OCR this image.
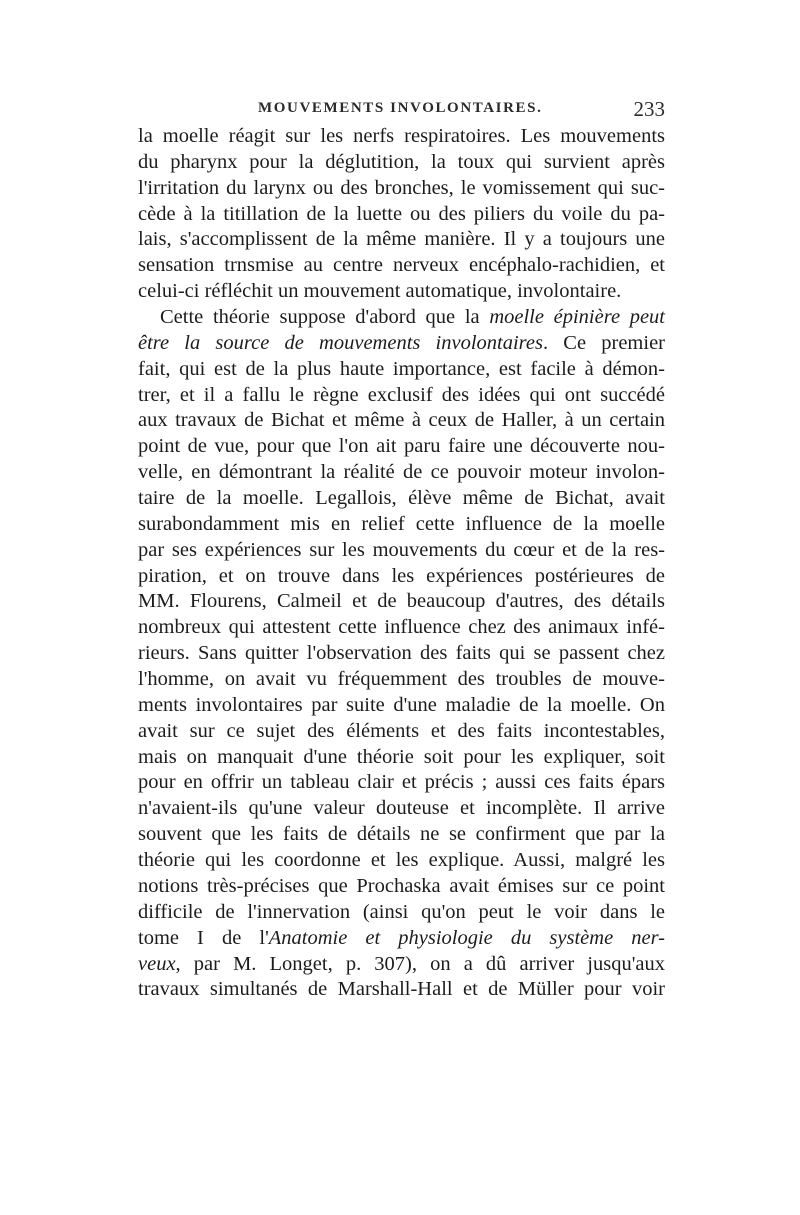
MOUVEMENTS INVOLONTAIRES.	233
la moelle réagit sur les nerfs respiratoires. Les mouvements
du pharynx pour la déglutition, la toux qui survient après
l'irritation du larynx ou des bronches, le vomissement qui suc-
cède à la titillation de la luette ou des piliers du voile du pa-
lais, s'accomplissent de la même manière. Il y a toujours une
sensation trnsmise au centre nerveux encéphalo-rachidien, et
celui-ci réfléchit un mouvement automatique, involontaire.
Cette théorie suppose d'abord que la moelle épinière peut
être la source de mouvements involontaires. Ce premier
fait, qui est de la plus haute importance, est facile à démon-
trer, et il a fallu le règne exclusif des idées qui ont succédé
aux travaux de Bichat et même à ceux de Haller, à un certain
point de vue, pour que l'on ait paru faire une découverte nou-
velle, en démontrant la réalité de ce pouvoir moteur involon-
taire de la moelle. Legallois, élève même de Bichat, avait
surabondamment mis en relief cette influence de la moelle
par ses expériences sur les mouvements du cœur et de la res-
piration, et on trouve dans les expériences postérieures de
MM. Flourens, Calmeil et de beaucoup d'autres, des détails
nombreux qui attestent cette influence chez des animaux infé-
rieurs. Sans quitter l'observation des faits qui se passent chez
l'homme, on avait vu fréquemment des troubles de mouve-
ments involontaires par suite d'une maladie de la moelle. On
avait sur ce sujet des éléments et des faits incontestables,
mais on manquait d'une théorie soit pour les expliquer, soit
pour en offrir un tableau clair et précis ; aussi ces faits épars
n'avaient-ils qu'une valeur douteuse et incomplète. Il arrive
souvent que les faits de détails ne se confirment que par la
théorie qui les coordonne et les explique. Aussi, malgré les
notions très-précises que Prochaska avait émises sur ce point
difficile de l'innervation (ainsi qu'on peut le voir dans le
tome I de l'Anatomie et physiologie du système ner-
veux, par M. Longet, p. 307), on a dû arriver jusqu'aux
travaux simultanés de Marshall-Hall et de Müller pour voir
